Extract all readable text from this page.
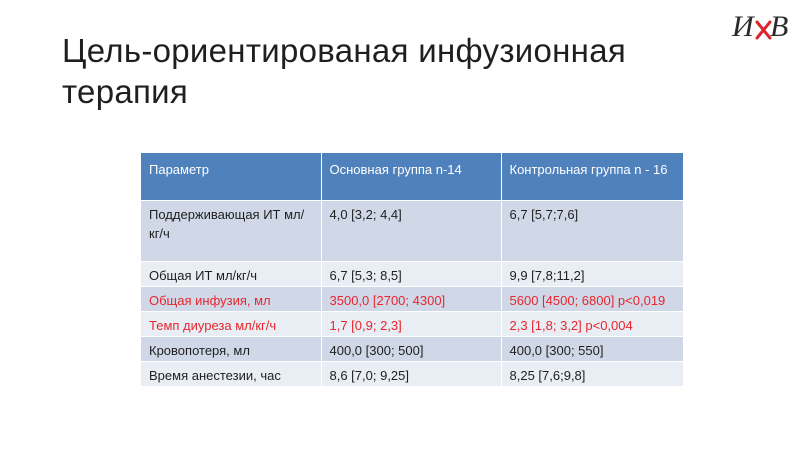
Цель-ориентированая инфузионная терапия
И В
Параметр	Основная группа n-14	Контрольная группа n - 16
Поддерживающая ИТ мл/кг/ч	4,0 [3,2; 4,4]	6,7 [5,7;7,6]
Общая ИТ мл/кг/ч	6,7 [5,3; 8,5]	9,9 [7,8;11,2]
Общая инфузия, мл	3500,0 [2700; 4300]	5600 [4500; 6800] p<0,019
Темп диуреза мл/кг/ч	1,7 [0,9; 2,3]	2,3 [1,8; 3,2] p<0,004
Кровопотеря, мл	400,0 [300; 500]	400,0 [300; 550]
Время анестезии, час	8,6 [7,0; 9,25]	8,25 [7,6;9,8]
